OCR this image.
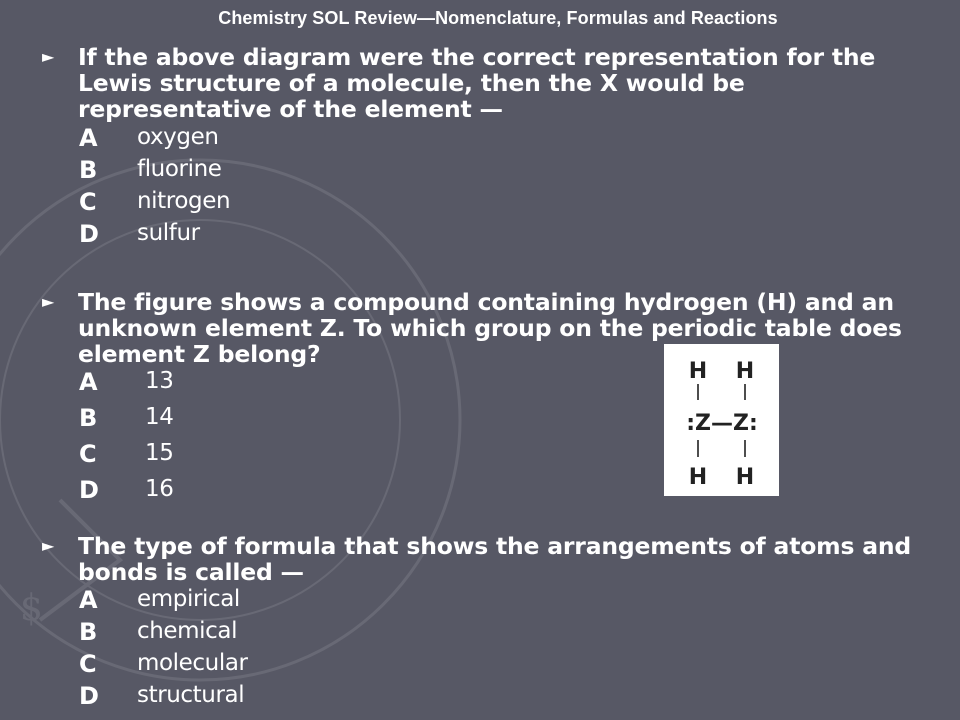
$
Chemistry SOL Review—Nomenclature, Formulas and Reactions
► If the above diagram were the correct representation for the Lewis structure of a molecule, then the X would be representative of the element —
A oxygen
B fluorine
C nitrogen
D sulfur
► The figure shows a compound containing hydrogen (H) and an unknown element Z. To which group on the periodic table does element Z belong?
A 13
B 14
C 15
D 16
H H
:Z—Z:
H H
► The type of formula that shows the arrangements of atoms and bonds is called —
A empirical
B chemical
C molecular
D structural
